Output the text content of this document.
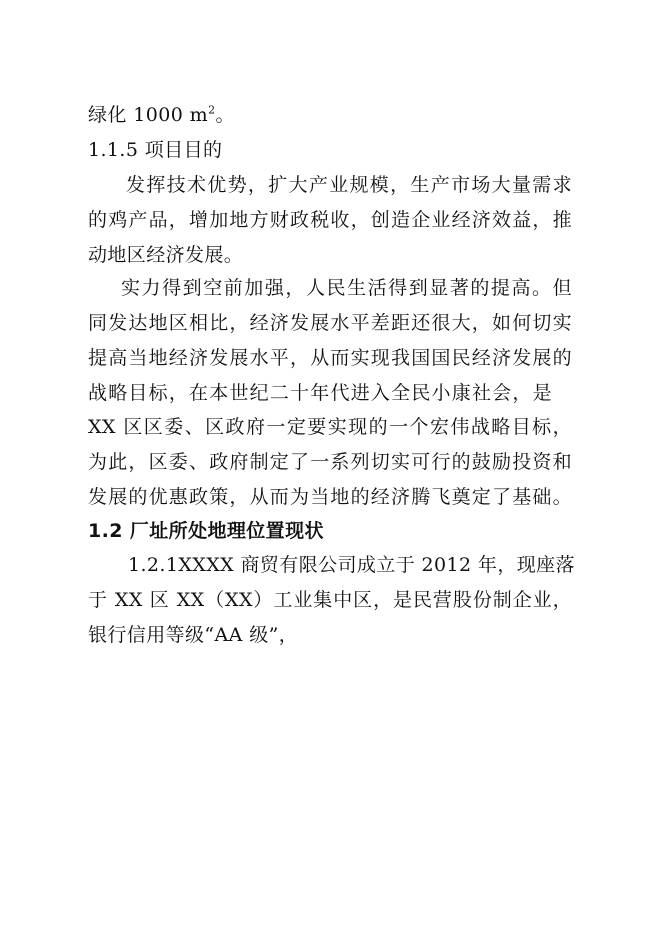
绿化 1000 $m^2$。
1.1.5 项目目的
发挥技术优势，扩大产业规模，生产市场大量需求
的鸡产品，增加地方财政税收，创造企业经济效益，推
动地区经济发展。
实力得到空前加强，人民生活得到显著的提高。但
同发达地区相比，经济发展水平差距还很大，如何切实
提高当地经济发展水平，从而实现我国国民经济发展的
战略目标，在本世纪二十年代进入全民小康社会，是
XX 区区委、区政府一定要实现的一个宏伟战略目标，
为此，区委、政府制定了一系列切实可行的鼓励投资和
发展的优惠政策，从而为当地的经济腾飞奠定了基础。
1.2 厂址所处地理位置现状
1.2.1XXXX 商贸有限公司成立于 2012 年，现座落
于 XX 区 XX（XX）工业集中区，是民营股份制企业，
银行信用等级“AA 级”，
